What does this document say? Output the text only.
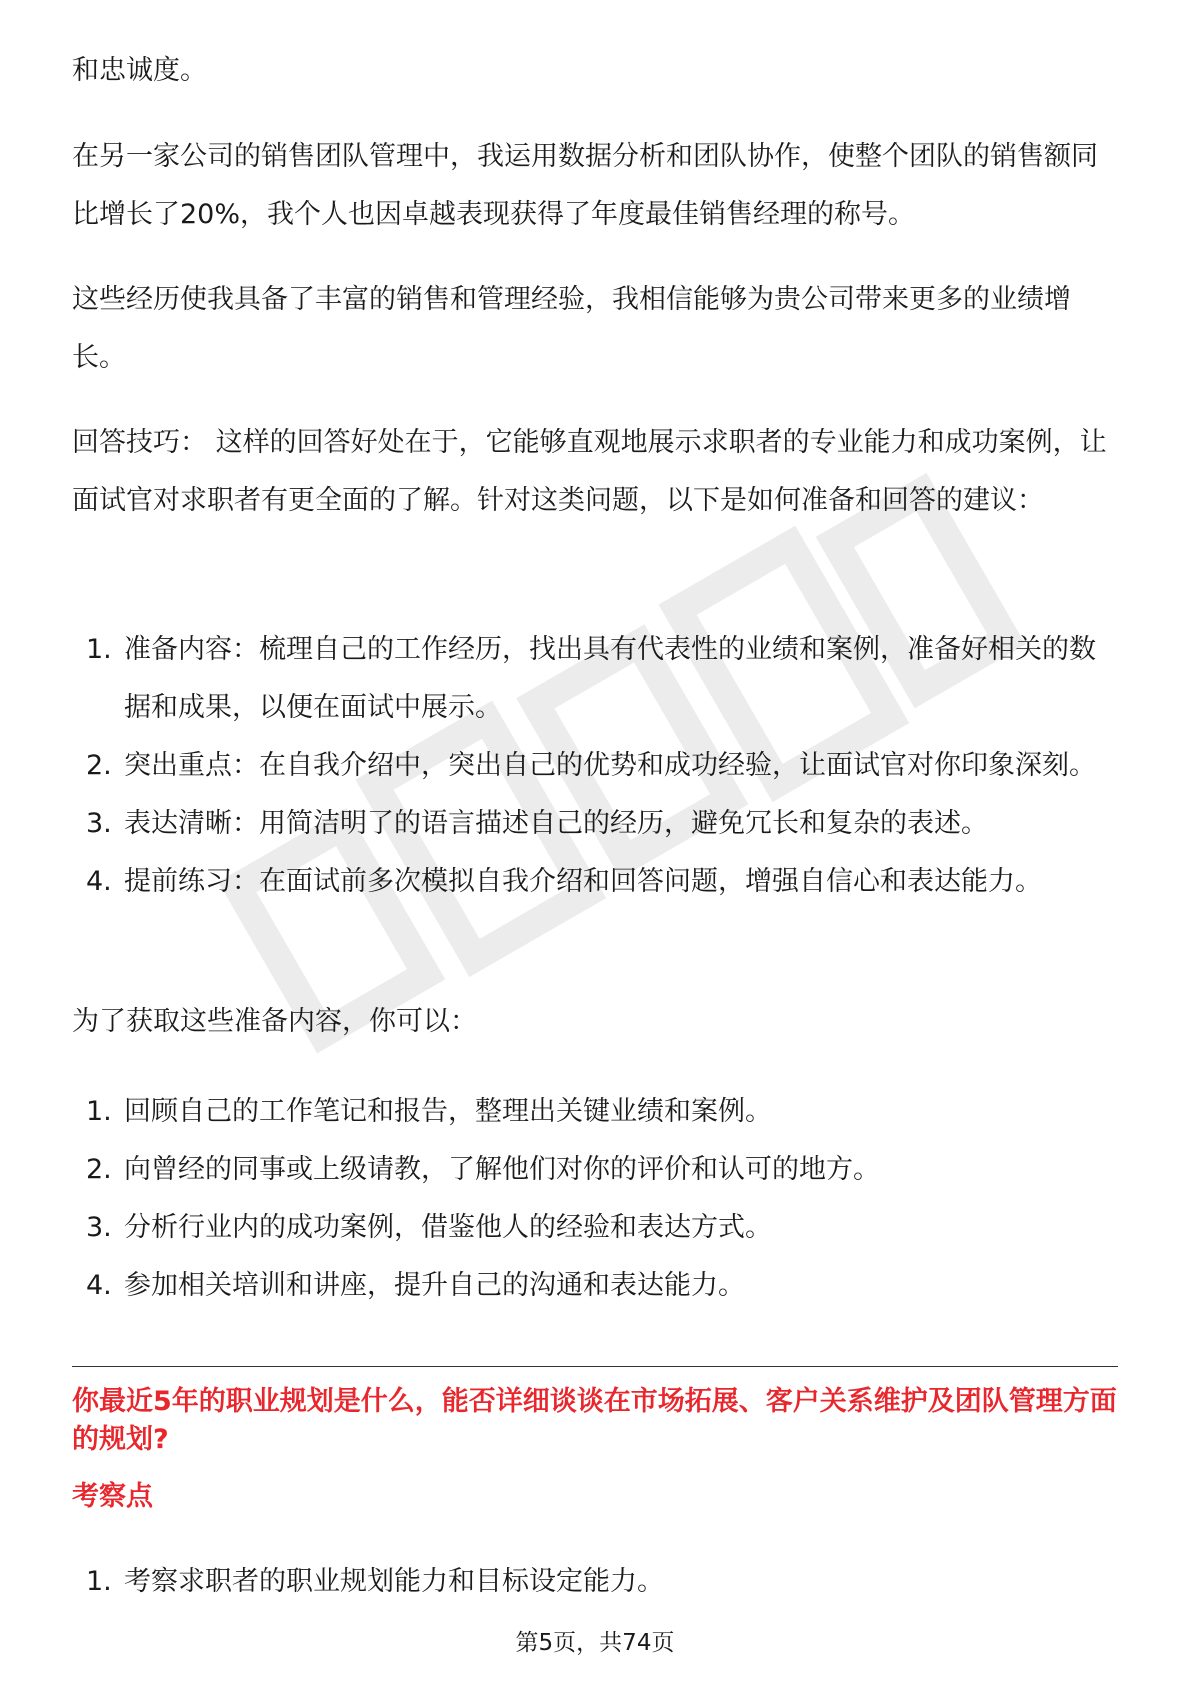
和忠诚度。

在另一家公司的销售团队管理中，我运用数据分析和团队协作，使整个团队的销售额同比增长了20%，我个人也因卓越表现获得了年度最佳销售经理的称号。

这些经历使我具备了丰富的销售和管理经验，我相信能够为贵公司带来更多的业绩增长。

回答技巧： 这样的回答好处在于，它能够直观地展示求职者的专业能力和成功案例，让面试官对求职者有更全面的了解。针对这类问题，以下是如何准备和回答的建议：

1. 准备内容：梳理自己的工作经历，找出具有代表性的业绩和案例，准备好相关的数据和成果，以便在面试中展示。
2. 突出重点：在自我介绍中，突出自己的优势和成功经验，让面试官对你印象深刻。
3. 表达清晰：用简洁明了的语言描述自己的经历，避免冗长和复杂的表述。
4. 提前练习：在面试前多次模拟自我介绍和回答问题，增强自信心和表达能力。

为了获取这些准备内容，你可以：

1. 回顾自己的工作笔记和报告，整理出关键业绩和案例。
2. 向曾经的同事或上级请教，了解他们对你的评价和认可的地方。
3. 分析行业内的成功案例，借鉴他人的经验和表达方式。
4. 参加相关培训和讲座，提升自己的沟通和表达能力。

你最近5年的职业规划是什么，能否详细谈谈在市场拓展、客户关系维护及团队管理方面的规划?

考察点

1. 考察求职者的职业规划能力和目标设定能力。
第5页，共74页
